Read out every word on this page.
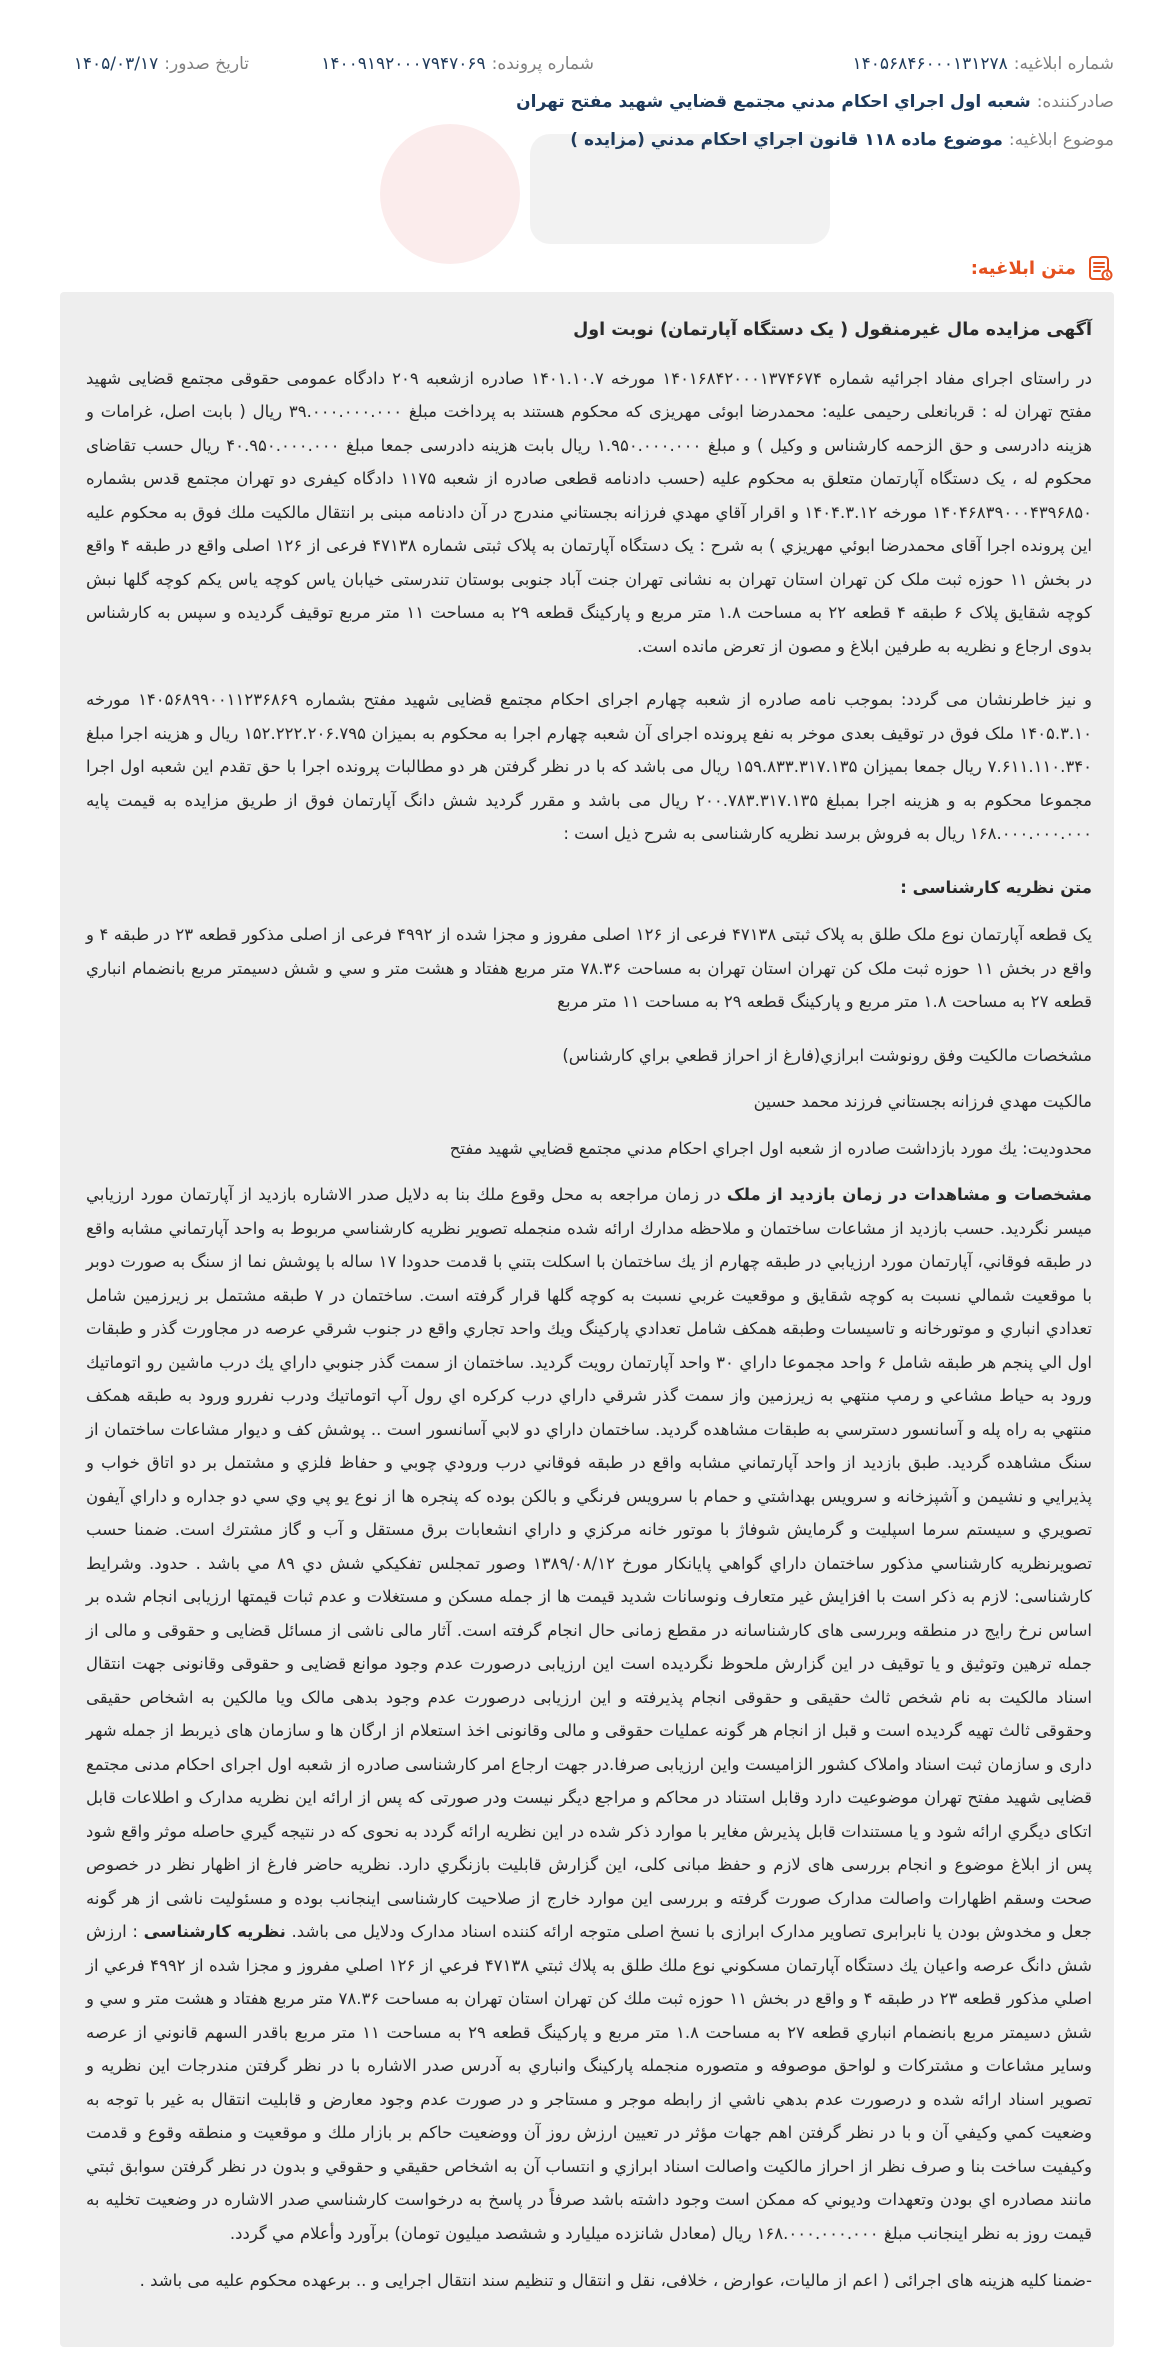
شماره ابلاغيه:
۱۴۰۵۶۸۴۶۰۰۰۱۳۱۲۷۸
شماره پرونده:
۱۴۰۰۹۱۹۲۰۰۰۷۹۴۷۰۶۹
تاريخ صدور:
۱۴۰۵/۰۳/۱۷
صادرکننده:
شعبه اول اجراي احکام مدني مجتمع قضايي شهيد مفتح تهران
موضوع ابلاغيه:
موضوع ماده ۱۱۸ قانون اجراي احکام مدني (مزايده )
متن ابلاغيه:

آگهی مزایده مال غیرمنقول ( یک دستگاه آپارتمان) نوبت اول

در راستای اجرای مفاد اجرائیه شماره ۱۴۰۱۶۸۴۲۰۰۰۱۳۷۴۶۷۴ مورخه ۱۴۰۱.۱۰.۷ صادره ازشعبه ۲۰۹ دادگاه عمومی حقوقی مجتمع قضایی شهید مفتح تهران له : قربانعلی رحیمی علیه: محمدرضا ابوئی مهریزی که محکوم هستند به پرداخت مبلغ ۳۹.۰۰۰.۰۰۰.۰۰۰ ریال ( بابت اصل، غرامات و هزینه دادرسی و حق الزحمه کارشناس و وکیل ) و مبلغ ۱.۹۵۰.۰۰۰.۰۰۰ ریال بابت هزینه دادرسی جمعا مبلغ ۴۰.۹۵۰.۰۰۰.۰۰۰ ریال حسب تقاضای محکوم له ، یک دستگاه آپارتمان متعلق به محکوم علیه (حسب دادنامه قطعی صادره از شعبه ۱۱۷۵ دادگاه کیفری دو تهران مجتمع قدس بشماره ۱۴۰۴۶۸۳۹۰۰۰۴۳۹۶۸۵۰ مورخه ۱۴۰۴.۳.۱۲ و اقرار آقاي مهدي فرزانه بجستاني مندرج در آن دادنامه مبنی بر انتقال مالکیت ملك فوق به محکوم علیه این پرونده اجرا آقای محمدرضا ابوئي مهريزي ) به شرح : یک دستگاه آپارتمان به پلاک ثبتی شماره ۴۷۱۳۸ فرعی از ۱۲۶ اصلی واقع در طبقه ۴ واقع در بخش ۱۱ حوزه ثبت ملک کن تهران استان تهران به نشانی تهران جنت آباد جنوبی بوستان تندرستی خیابان یاس کوچه یاس یکم کوچه گلها نبش کوچه شقایق پلاک ۶ طبقه ۴ قطعه ۲۲ به مساحت ۱.۸ متر مربع و پارکینگ قطعه ۲۹ به مساحت ۱۱ متر مربع توقیف گردیده و سپس به کارشناس بدوی ارجاع و نظریه به طرفین ابلاغ و مصون از تعرض مانده است.

و نیز خاطرنشان می گردد: بموجب نامه صادره از شعبه چهارم اجرای احکام مجتمع قضایی شهید مفتح بشماره ۱۴۰۵۶۸۹۹۰۰۱۱۲۳۶۸۶۹ مورخه ۱۴۰۵.۳.۱۰ ملک فوق در توقیف بعدی موخر به نفع پرونده اجرای آن شعبه چهارم اجرا به محکوم به بمیزان ۱۵۲.۲۲۲.۲۰۶.۷۹۵ ریال و هزینه اجرا مبلغ ۷.۶۱۱.۱۱۰.۳۴۰ ریال جمعا بمیزان ۱۵۹.۸۳۳.۳۱۷.۱۳۵ ریال می باشد که با در نظر گرفتن هر دو مطالبات پرونده اجرا با حق تقدم این شعبه اول اجرا مجموعا محکوم به و هزینه اجرا بمبلغ ۲۰۰.۷۸۳.۳۱۷.۱۳۵ ریال می باشد و مقرر گردید شش دانگ آپارتمان فوق از طریق مزایده به قیمت پایه ۱۶۸.۰۰۰.۰۰۰.۰۰۰ ریال به فروش برسد نظریه کارشناسی به شرح ذیل است :

متن نظریه کارشناسی :

یک قطعه آپارتمان نوع ملک طلق به پلاک ثبتی ۴۷۱۳۸ فرعی از ۱۲۶ اصلی مفروز و مجزا شده از ۴۹۹۲ فرعی از اصلی مذکور قطعه ۲۳ در طبقه ۴ و واقع در بخش ۱۱ حوزه ثبت ملک کن تهران استان تهران به مساحت ۷۸.۳۶ متر مربع هفتاد و هشت متر و سي و شش دسيمتر مربع بانضمام انباري قطعه ۲۷ به مساحت ۱.۸ متر مربع و پارکينگ قطعه ۲۹ به مساحت ۱۱ متر مربع

مشخصات مالکيت وفق رونوشت ابرازي(فارغ از احراز قطعي براي کارشناس)

مالکيت مهدي فرزانه بجستاني فرزند محمد حسين

محدوديت: يك مورد بازداشت صادره از شعبه اول اجراي احكام مدني مجتمع قضايي شهيد مفتح

مشخصات و مشاهدات در زمان بازدید از ملک در زمان مراجعه به محل وقوع ملك بنا به دلايل صدر الاشاره بازديد از آپارتمان مورد ارزيابي ميسر نگرديد. حسب بازديد از مشاعات ساختمان و ملاحظه مدارك ارائه شده منجمله تصوير نظريه كارشناسي مربوط به واحد آپارتماني مشابه واقع در طبقه فوقاني، آپارتمان مورد ارزيابي در طبقه چهارم از يك ساختمان با اسكلت بتني با قدمت حدودا ۱۷ ساله با پوشش نما از سنگ به صورت دوبر با موقعيت شمالي نسبت به كوچه شقايق و موقعيت غربي نسبت به كوچه گلها قرار گرفته است. ساختمان در ۷ طبقه مشتمل بر زيرزمين شامل تعدادي انباري و موتورخانه و تاسيسات وطبقه همكف شامل تعدادي پاركينگ ويك واحد تجاري واقع در جنوب شرقي عرصه در مجاورت گذر و طبقات اول الي پنجم هر طبقه شامل ۶ واحد مجموعا داراي ۳۰ واحد آپارتمان رويت گرديد. ساختمان از سمت گذر جنوبي داراي يك درب ماشين رو اتوماتيك ورود به حياط مشاعي و رمپ منتهي به زيرزمين واز سمت گذر شرقي داراي درب كركره اي رول آپ اتوماتيك ودرب نفررو ورود به طبقه همكف منتهي به راه پله و آسانسور دسترسي به طبقات مشاهده گرديد. ساختمان داراي دو لابي آسانسور است .. پوشش كف و ديوار مشاعات ساختمان از سنگ مشاهده گرديد. طبق بازديد از واحد آپارتماني مشابه واقع در طبقه فوقاني درب ورودي چوبي و حفاظ فلزي و مشتمل بر دو اتاق خواب و پذيرايي و نشيمن و آشپزخانه و سرويس بهداشتي و حمام با سرويس فرنگي و بالكن بوده كه پنجره ها از نوع يو پي وي سي دو جداره و داراي آيفون تصويري و سيستم سرما اسپليت و گرمايش شوفاژ با موتور خانه مركزي و داراي انشعابات برق مستقل و آب و گاز مشترك است. ضمنا حسب تصويرنظريه كارشناسي مذكور ساختمان داراي گواهي پايانكار مورخ ۱۳۸۹/۰۸/۱۲ وصور تمجلس تفكيكي شش دي ۸۹ مي باشد . حدود. وشرایط کارشناسی: لازم به ذکر است با افزایش غیر متعارف ونوسانات شدید قیمت ها از جمله مسکن و مستغلات و عدم ثبات قیمتها ارزیابی انجام شده بر اساس نرخ رایج در منطقه وبررسی های کارشناسانه در مقطع زمانی حال انجام گرفته است. آثار مالی ناشی از مسائل قضایی و حقوقی و مالی از جمله ترهین وتوثیق و یا توقیف در این گزارش ملحوظ نگردیده است این ارزیابی درصورت عدم وجود موانع قضایی و حقوقی وقانونی جهت انتقال اسناد مالکیت به نام شخص ثالث حقیقی و حقوقی انجام پذیرفته و این ارزیابی درصورت عدم وجود بدهی مالک ویا مالکین به اشخاص حقیقی وحقوقی ثالث تهیه گردیده است و قبل از انجام هر گونه عملیات حقوقی و مالی وقانونی اخذ استعلام از ارگان ها و سازمان های ذیربط از جمله شهر داری و سازمان ثبت اسناد واملاک کشور الزامیست واین ارزیابی صرفا.در جهت ارجاع امر کارشناسی صادره از شعبه اول اجرای احکام مدنی مجتمع قضایی شهید مفتح تهران موضوعیت دارد وقابل استناد در محاکم و مراجع دیگر نیست ودر صورتی که پس از ارائه این نظریه مدارک و اطلاعات قابل اتکای دیگري ارائه شود و یا مستندات قابل پذیرش مغایر با موارد ذکر شده در این نظریه ارائه گردد به نحوی که در نتیجه گیري حاصله موثر واقع شود پس از ابلاغ موضوع و انجام بررسی های لازم و حفظ مبانی کلی، این گزارش قابلیت بازنگري دارد. نظریه حاضر فارغ از اظهار نظر در خصوص صحت وسقم اظهارات واصالت مدارک صورت گرفته و بررسی این موارد خارج از صلاحیت کارشناسی اینجانب بوده و مسئولیت ناشی از هر گونه جعل و مخدوش بودن یا نابرابری تصاویر مدارک ابرازی با نسخ اصلی متوجه ارائه کننده اسناد مدارک ودلایل می باشد. نظریه کارشناسی : ارزش شش دانگ عرصه واعيان يك دستگاه آپارتمان مسكوني نوع ملك طلق به پلاك ثبتي ۴۷۱۳۸ فرعي از ۱۲۶ اصلي مفروز و مجزا شده از ۴۹۹۲ فرعي از اصلي مذكور قطعه ۲۳ در طبقه ۴ و واقع در بخش ۱۱ حوزه ثبت ملك كن تهران استان تهران به مساحت ۷۸.۳۶ متر مربع هفتاد و هشت متر و سي و شش دسيمتر مربع بانضمام انباري قطعه ۲۷ به مساحت ۱.۸ متر مربع و پاركينگ قطعه ۲۹ به مساحت ۱۱ متر مربع باقدر السهم قانوني از عرصه وساير مشاعات و مشتركات و لواحق موصوفه و متصوره منجمله پاركينگ وانباري به آدرس صدر الاشاره با در نظر گرفتن مندرجات اين نظريه و تصوير اسناد ارائه شده و درصورت عدم بدهي ناشي از رابطه موجر و مستاجر و در صورت عدم وجود معارض و قابليت انتقال به غير با توجه به وضعيت كمي وكيفي آن و با در نظر گرفتن اهم جهات مؤثر در تعيين ارزش روز آن ووضعيت حاكم بر بازار ملك و موقعيت و منطقه وقوع و قدمت وكيفيت ساخت بنا و صرف نظر از احراز مالكيت واصالت اسناد ابرازي و انتساب آن به اشخاص حقيقي و حقوقي و بدون در نظر گرفتن سوابق ثبتي مانند مصادره اي بودن وتعهدات وديوني كه ممكن است وجود داشته باشد صرفاً در پاسخ به درخواست كارشناسي صدر الاشاره در وضعيت تخليه به قيمت روز به نظر اينجانب مبلغ ۱۶۸.۰۰۰.۰۰۰.۰۰۰ ريال (معادل شانزده ميليارد و ششصد ميليون تومان) برآورد وأعلام مي گردد.

-ضمنا کلیه هزینه های اجرائی ( اعم از مالیات، عوارض ، خلافی، نقل و انتقال و تنظیم سند انتقال اجرایی و .. برعهده محکوم علیه می باشد .
